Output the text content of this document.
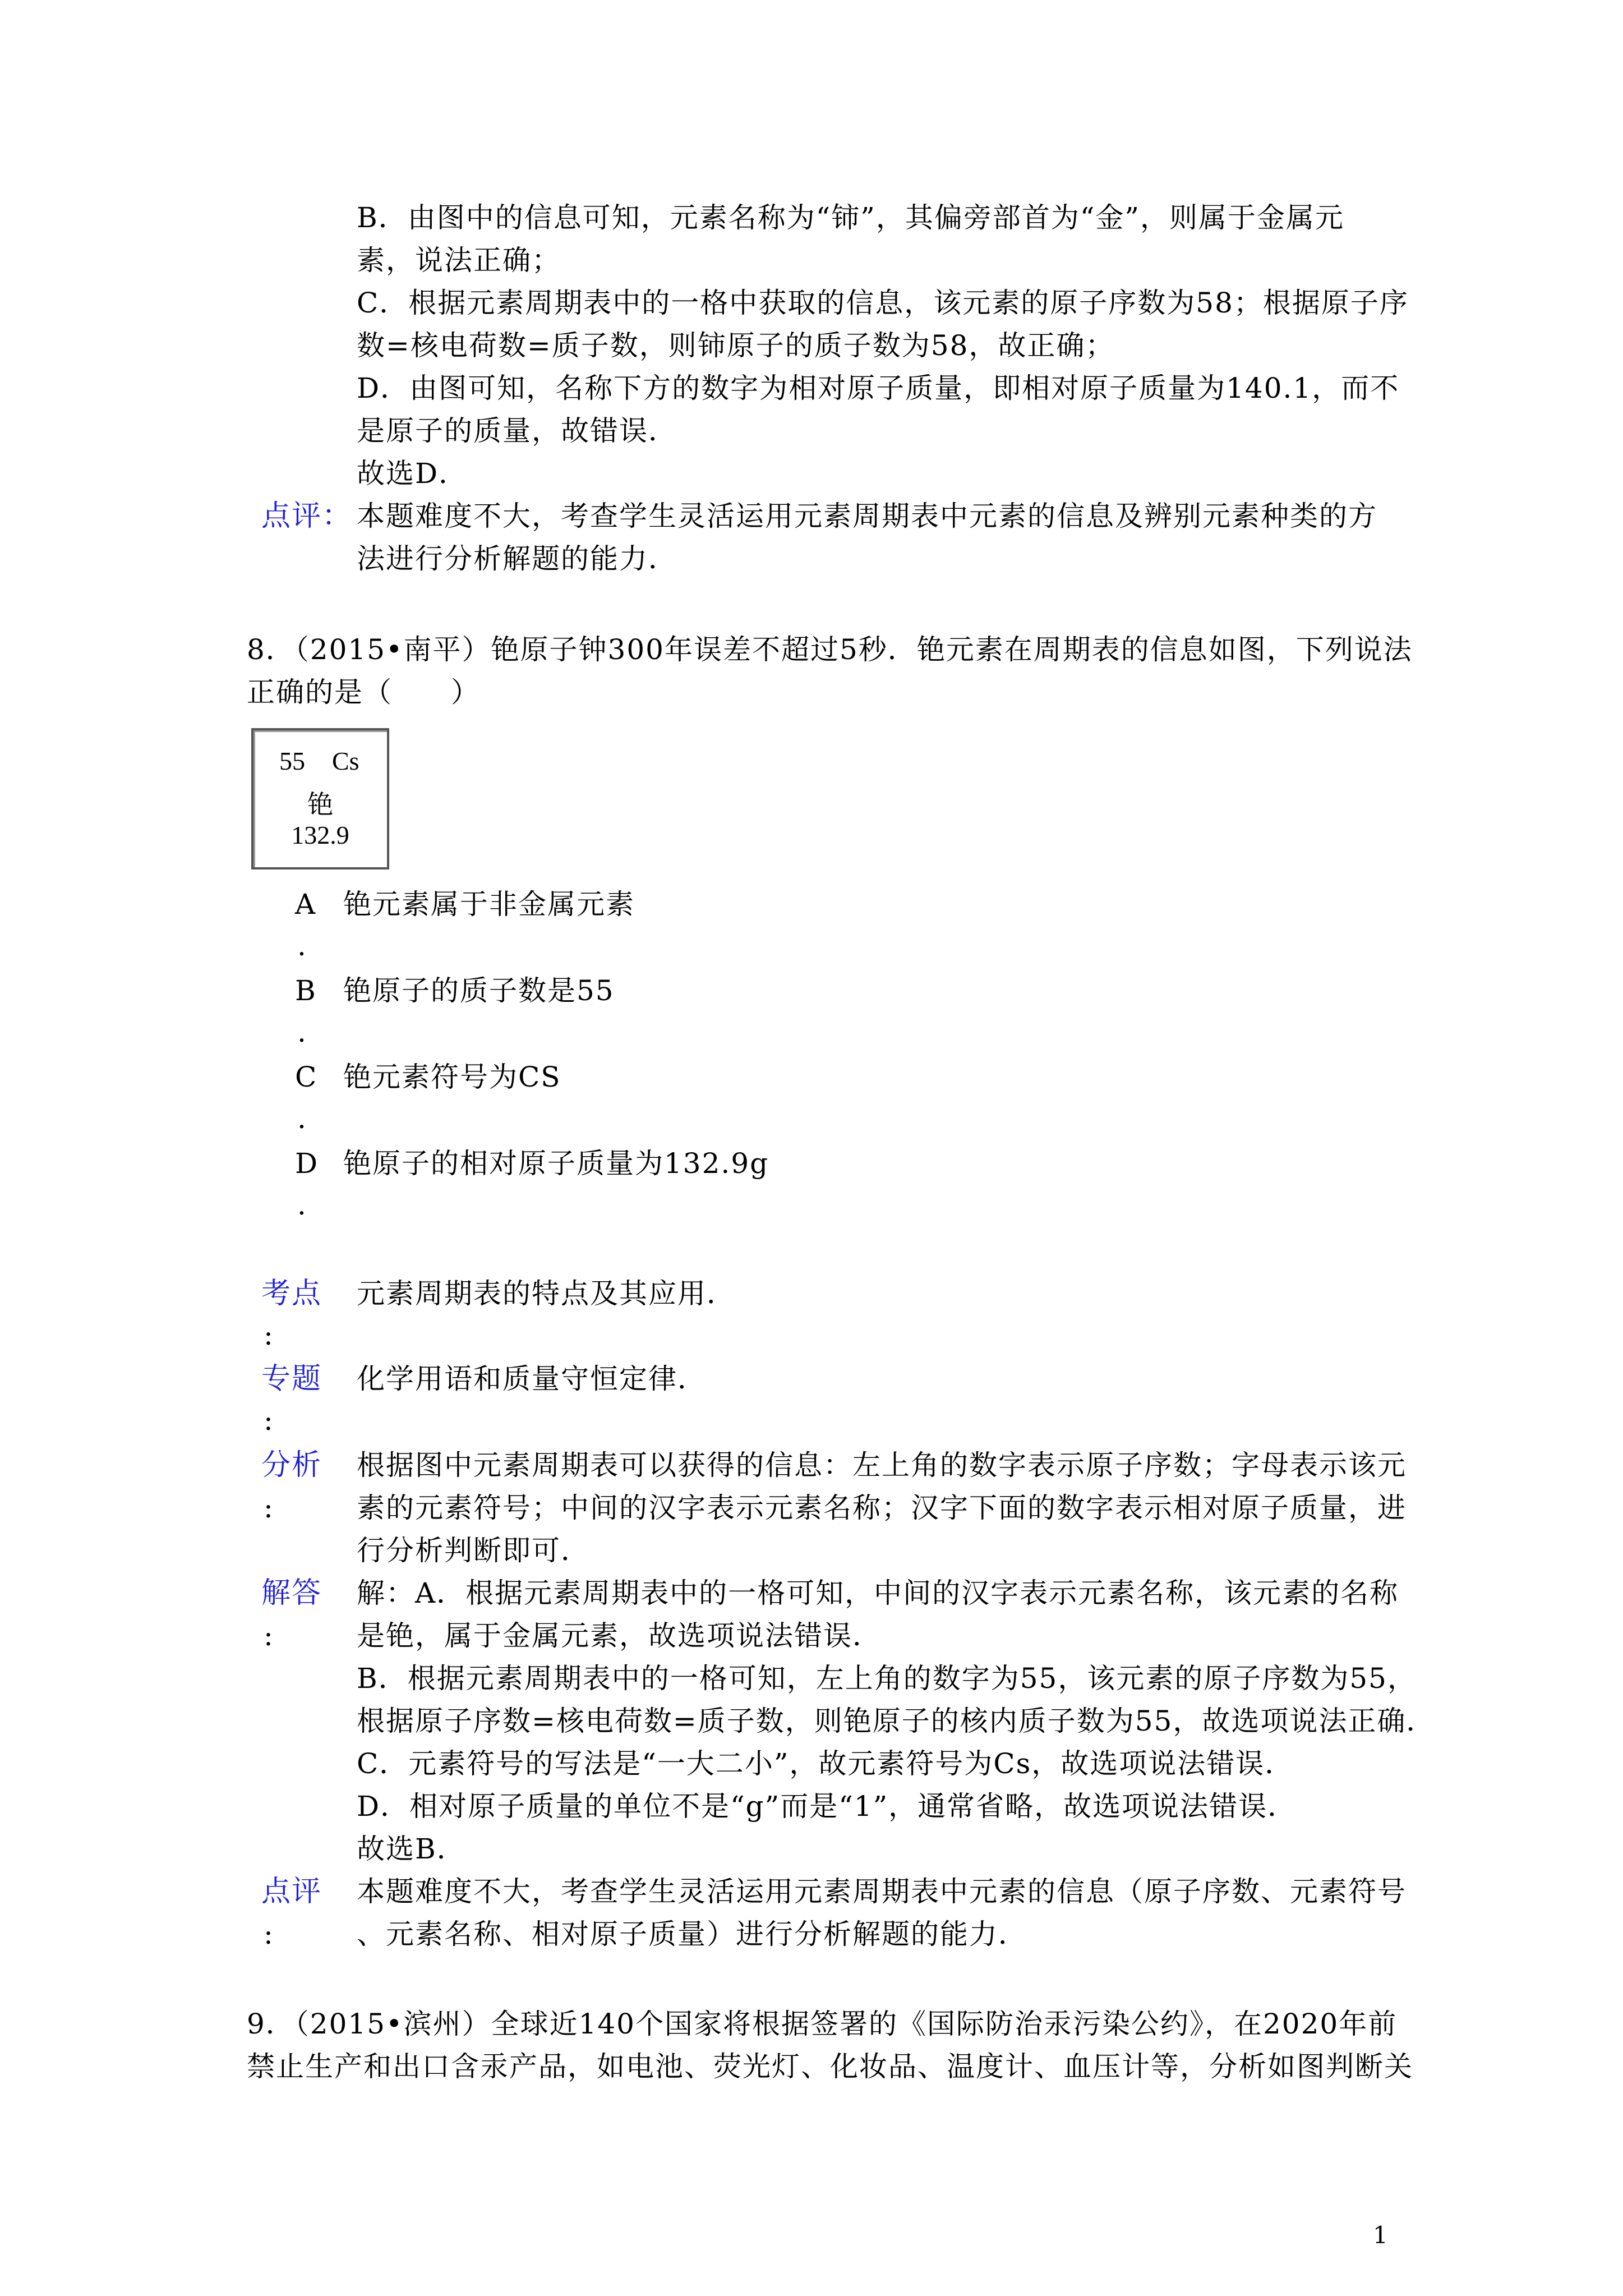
B．由图中的信息可知，元素名称为“铈”，其偏旁部首为“金”，则属于金属元
素，说法正确；
C．根据元素周期表中的一格中获取的信息，该元素的原子序数为58；根据原子序
数=核电荷数=质子数，则铈原子的质子数为58，故正确；
D．由图可知，名称下方的数字为相对原子质量，即相对原子质量为140.1，而不
是原子的质量，故错误．
故选D．
点评： 本题难度不大，考查学生灵活运用元素周期表中元素的信息及辨别元素种类的方
法进行分析解题的能力．
8．（2015•南平）铯原子钟300年误差不超过5秒．铯元素在周期表的信息如图，下列说法
正确的是（　　）
55 Cs
铯
132.9
A 铯元素属于非金属元素
.
B 铯原子的质子数是55
.
C 铯元素符号为CS
.
D 铯原子的相对原子质量为132.9g
.
考点 元素周期表的特点及其应用．
:
专题 化学用语和质量守恒定律．
:
分析 根据图中元素周期表可以获得的信息：左上角的数字表示原子序数；字母表示该元
:	素的元素符号；中间的汉字表示元素名称；汉字下面的数字表示相对原子质量，进
行分析判断即可．
解答 解：A．根据元素周期表中的一格可知，中间的汉字表示元素名称，该元素的名称
:	是铯，属于金属元素，故选项说法错误．
B．根据元素周期表中的一格可知，左上角的数字为55，该元素的原子序数为55，
根据原子序数=核电荷数=质子数，则铯原子的核内质子数为55，故选项说法正确．
C．元素符号的写法是“一大二小”，故元素符号为Cs，故选项说法错误．
D．相对原子质量的单位不是“g”而是“1”，通常省略，故选项说法错误．
故选B．
点评 本题难度不大，考查学生灵活运用元素周期表中元素的信息（原子序数、元素符号
:	、元素名称、相对原子质量）进行分析解题的能力．
9．（2015•滨州）全球近140个国家将根据签署的《国际防治汞污染公约》，在2020年前
禁止生产和出口含汞产品，如电池、荧光灯、化妆品、温度计、血压计等，分析如图判断关
1
